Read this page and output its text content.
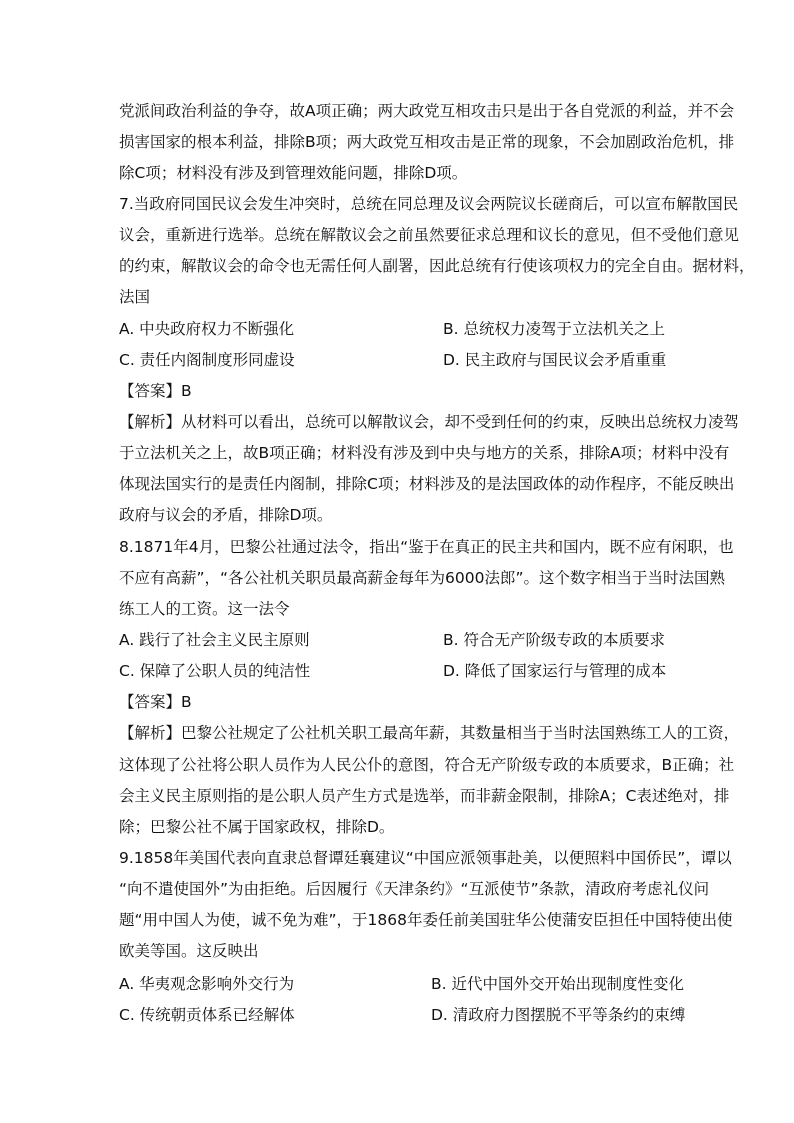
党派间政治利益的争夺，故A项正确；两大政党互相攻击只是出于各自党派的利益，并不会
损害国家的根本利益，排除B项；两大政党互相攻击是正常的现象，不会加剧政治危机，排
除C项；材料没有涉及到管理效能问题，排除D项。
7.当政府同国民议会发生冲突时，总统在同总理及议会两院议长磋商后，可以宣布解散国民
议会，重新进行选举。总统在解散议会之前虽然要征求总理和议长的意见，但不受他们意见
的约束，解散议会的命令也无需任何人副署，因此总统有行使该项权力的完全自由。据材料，
法国
A. 中央政府权力不断强化	B. 总统权力凌驾于立法机关之上
C. 责任内阁制度形同虚设	D. 民主政府与国民议会矛盾重重
【答案】B
【解析】从材料可以看出，总统可以解散议会，却不受到任何的约束，反映出总统权力凌驾
于立法机关之上，故B项正确；材料没有涉及到中央与地方的关系，排除A项；材料中没有
体现法国实行的是责任内阁制，排除C项；材料涉及的是法国政体的动作程序，不能反映出
政府与议会的矛盾，排除D项。
8.1871年4月，巴黎公社通过法令，指出“鉴于在真正的民主共和国内，既不应有闲职，也
不应有高薪”，“各公社机关职员最高薪金每年为6000法郎”。这个数字相当于当时法国熟
练工人的工资。这一法令
A. 践行了社会主义民主原则	B. 符合无产阶级专政的本质要求
C. 保障了公职人员的纯洁性	D. 降低了国家运行与管理的成本
【答案】B
【解析】巴黎公社规定了公社机关职工最高年薪，其数量相当于当时法国熟练工人的工资，
这体现了公社将公职人员作为人民公仆的意图，符合无产阶级专政的本质要求，B正确；社
会主义民主原则指的是公职人员产生方式是选举，而非薪金限制，排除A；C表述绝对，排
除；巴黎公社不属于国家政权，排除D。
9.1858年美国代表向直隶总督谭廷襄建议“中国应派领事赴美，以便照料中国侨民”，谭以
“向不遣使国外”为由拒绝。后因履行《天津条约》“互派使节”条款，清政府考虑礼仪问
题“用中国人为使，诚不免为难”，于1868年委任前美国驻华公使蒲安臣担任中国特使出使
欧美等国。这反映出
A. 华夷观念影响外交行为	B. 近代中国外交开始出现制度性变化
C. 传统朝贡体系已经解体	D. 清政府力图摆脱不平等条约的束缚
